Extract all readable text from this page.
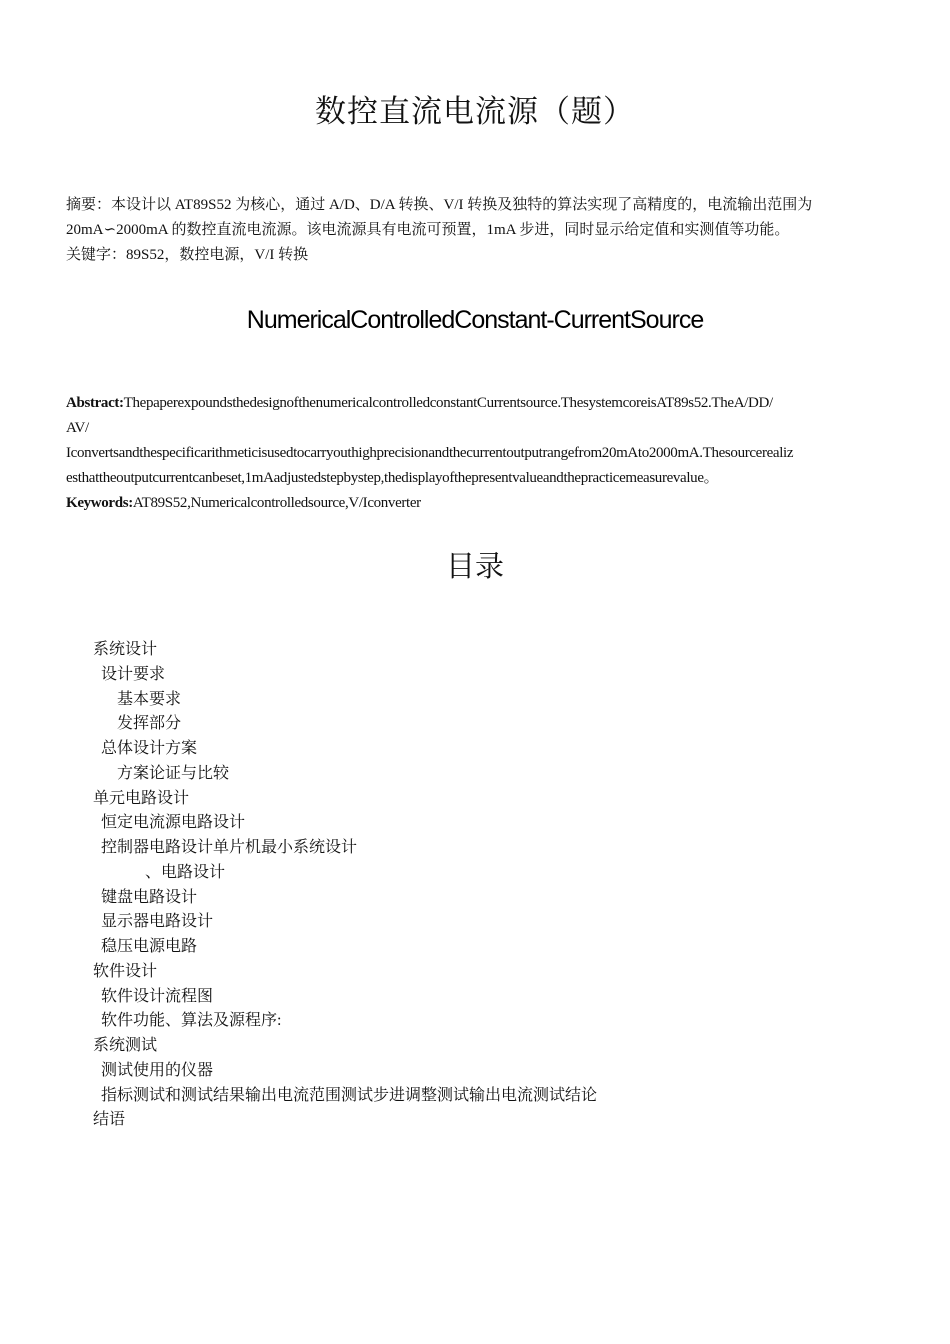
数控直流电流源（题）

摘要：本设计以 AT89S52 为核心，通过 A/D、D/A 转换、V/I 转换及独特的算法实现了高精度的，电流输出范围为 20mA∽2000mA 的数控直流电流源。该电流源具有电流可预置，1mA 步进，同时显示给定值和实测值等功能。

关键字：89S52，数控电源，V/I 转换

NumericalControlledConstant-CurrentSource

Abstract:ThepaperexpoundsthedesignofthenumericalcontrolledconstantCurrentsource.ThesystemcoreisAT89s52.TheA/DD/

AV/

Iconvertsandthespecificarithmeticisusedtocarryouthighprecisionandthecurrentoutputrangefrom20mAto2000mA.Thesourcerealiz

esthattheoutputcurrentcanbeset,1mAadjustedstepbystep,thedisplayofthepresentvalueandthepracticemeasurevalue。

Keywords:AT89S52,Numericalcontrolledsource,V/Iconverter

目录
系统设计
设计要求
基本要求
发挥部分
总体设计方案
方案论证与比较
单元电路设计
恒定电流源电路设计
控制器电路设计单片机最小系统设计
、电路设计
键盘电路设计
显示器电路设计
稳压电源电路
软件设计
软件设计流程图
软件功能、算法及源程序:
系统测试
测试使用的仪器
指标测试和测试结果输出电流范围测试步进调整测试输出电流测试结论
结语
